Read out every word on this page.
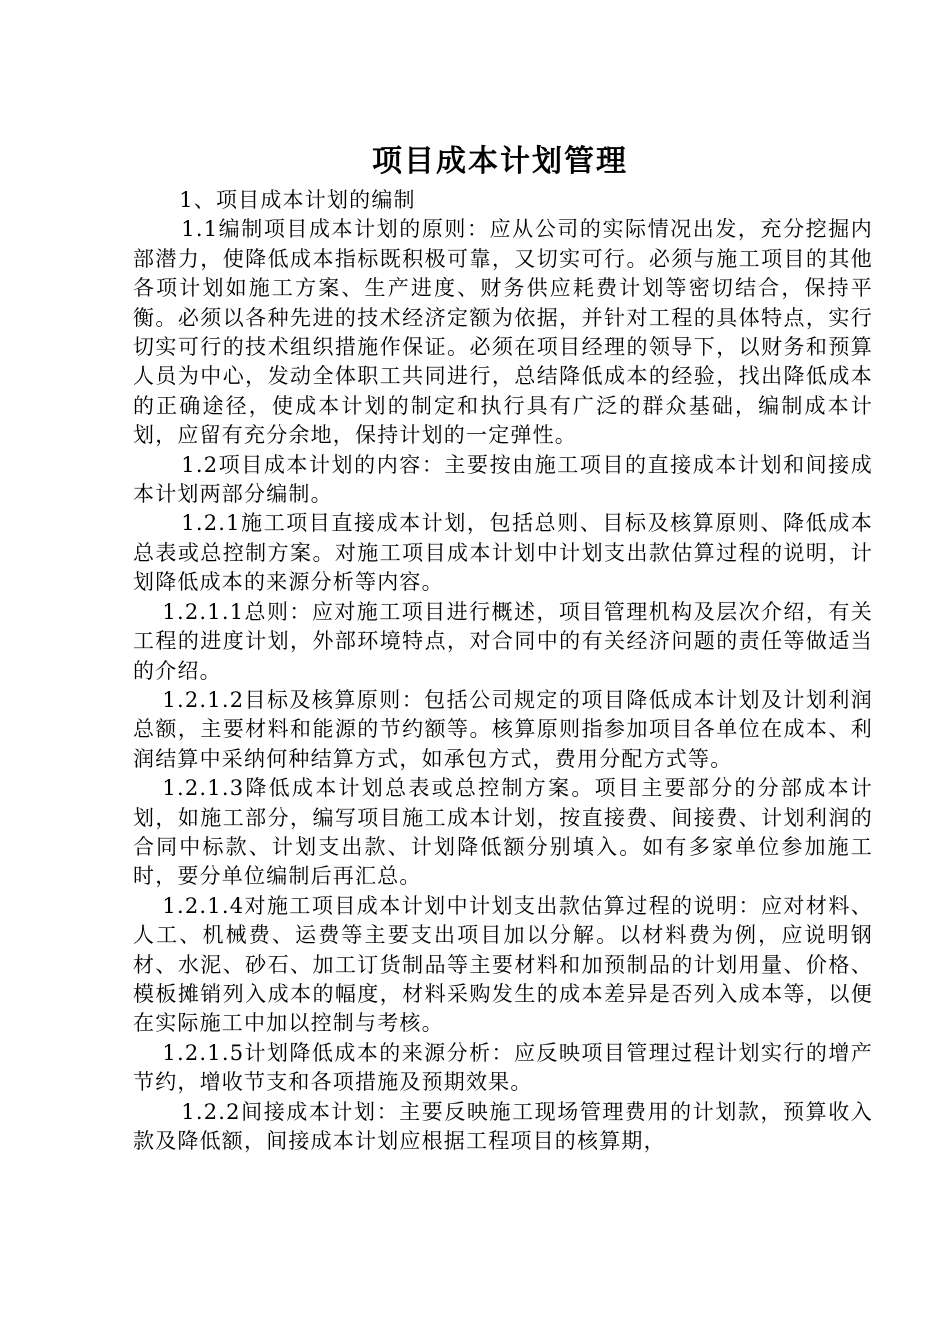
项目成本计划管理

1、项目成本计划的编制

1.1编制项目成本计划的原则：应从公司的实际情况出发，充分挖掘内部潜力，使降低成本指标既积极可靠，又切实可行。必须与施工项目的其他各项计划如施工方案、生产进度、财务供应耗费计划等密切结合，保持平衡。必须以各种先进的技术经济定额为依据，并针对工程的具体特点，实行切实可行的技术组织措施作保证。必须在项目经理的领导下，以财务和预算人员为中心，发动全体职工共同进行，总结降低成本的经验，找出降低成本的正确途径，使成本计划的制定和执行具有广泛的群众基础，编制成本计划，应留有充分余地，保持计划的一定弹性。

1.2项目成本计划的内容：主要按由施工项目的直接成本计划和间接成本计划两部分编制。

1.2.1施工项目直接成本计划，包括总则、目标及核算原则、降低成本总表或总控制方案。对施工项目成本计划中计划支出款估算过程的说明，计划降低成本的来源分析等内容。

1.2.1.1总则：应对施工项目进行概述，项目管理机构及层次介绍，有关工程的进度计划，外部环境特点，对合同中的有关经济问题的责任等做适当的介绍。

1.2.1.2目标及核算原则：包括公司规定的项目降低成本计划及计划利润总额，主要材料和能源的节约额等。核算原则指参加项目各单位在成本、利润结算中采纳何种结算方式，如承包方式，费用分配方式等。

1.2.1.3降低成本计划总表或总控制方案。项目主要部分的分部成本计划，如施工部分，编写项目施工成本计划，按直接费、间接费、计划利润的合同中标款、计划支出款、计划降低额分别填入。如有多家单位参加施工时，要分单位编制后再汇总。

1.2.1.4对施工项目成本计划中计划支出款估算过程的说明：应对材料、人工、机械费、运费等主要支出项目加以分解。以材料费为例，应说明钢材、水泥、砂石、加工订货制品等主要材料和加预制品的计划用量、价格、模板摊销列入成本的幅度，材料采购发生的成本差异是否列入成本等，以便在实际施工中加以控制与考核。

1.2.1.5计划降低成本的来源分析：应反映项目管理过程计划实行的增产节约，增收节支和各项措施及预期效果。

1.2.2间接成本计划：主要反映施工现场管理费用的计划款，预算收入款及降低额，间接成本计划应根据工程项目的核算期，
